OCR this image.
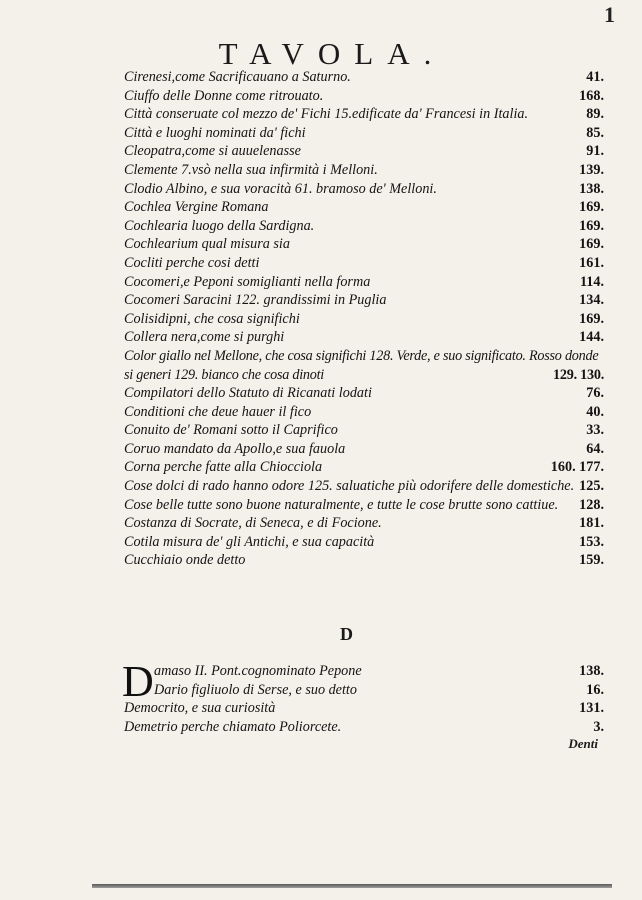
1
TAVOLA.
Cirenesi,come Sacrificauano a Saturno.	41.
Ciuffo delle Donne come ritrouato.	168.
Città conseruate col mezzo de' Fichi 15.edificate da' Francesi in Italia.	89.
Città e luoghi nominati da' fichi	85.
Cleopatra,come si auuelenasse	91.
Clemente 7.vsò nella sua infirmità i Melloni.	139.
Clodio Albino, e sua voracità 61. bramoso de' Melloni.	138.
Cochlea Vergine Romana	169.
Cochlearia luogo della Sardigna.	169.
Cochlearium qual misura sia	169.
Cocliti perche cosi detti	161.
Cocomeri,e Peponi somiglianti nella forma	114.
Cocomeri Saracini 122. grandissimi in Puglia	134.
Colisidipni, che cosa significhi	169.
Collera nera,come si purghi	144.
Color giallo nel Mellone, che cosa significhi 128. Verde, e suo significato. Rosso donde si generi 129. bianco che cosa dinoti	129. 130.
Compilatori dello Statuto di Ricanati lodati	76.
Conditioni che deue hauer il fico	40.
Conuito de' Romani sotto il Caprifico	33.
Coruo mandato da Apollo,e sua fauola	64.
Corna perche fatte alla Chiocciola	160. 177.
Cose dolci di rado hanno odore 125. saluatiche più odorifere delle domestiche. 125.
Cose belle tutte sono buone naturalmente, e tutte le cose brutte sono cattiue.	128.
Costanza di Socrate, di Seneca, e di Focione.	181.
Cotila misura de' gli Antichi, e sua capacità	153.
Cucchiaio onde detto	159.
D
D amaso II. Pont.cognominato Pepone	138.
Dario figliuolo di Serse, e suo detto	16.
Democrito, e sua curiosità	131.
Demetrio perche chiamato Poliorcete.	3.
Denti
